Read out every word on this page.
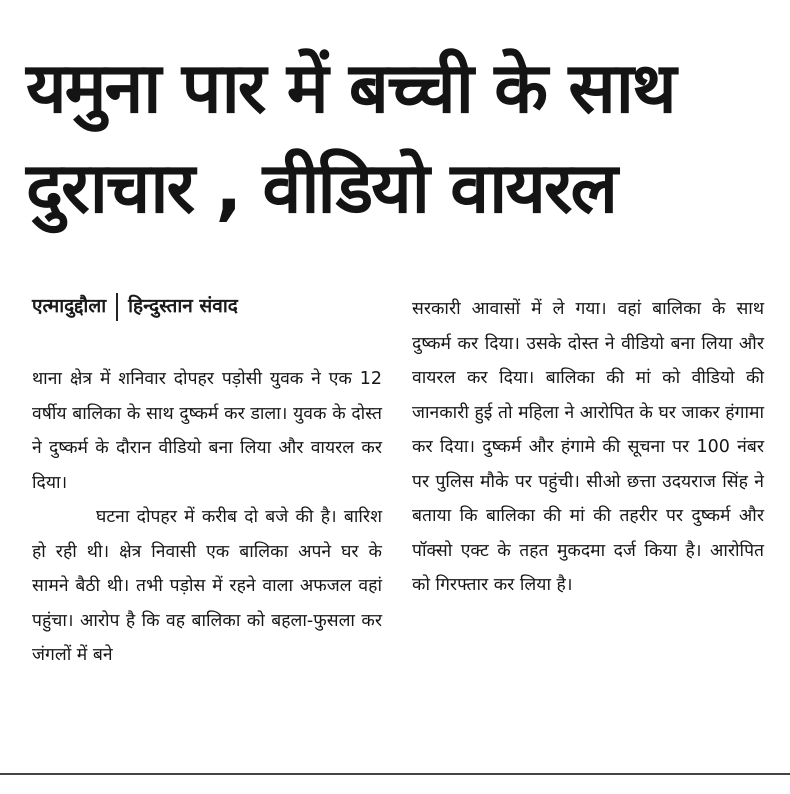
यमुना पार में बच्ची के साथ
दुराचार , वीडियो वायरल
एत्मादुद्दौला हिन्दुस्तान संवाद

थाना क्षेत्र में शनिवार दोपहर पड़ोसी युवक ने एक 12 वर्षीय बालिका के साथ दुष्कर्म कर डाला। युवक के दोस्त ने दुष्कर्म के दौरान वीडियो बना लिया और वायरल कर दिया।

घटना दोपहर में करीब दो बजे की है। बारिश हो रही थी। क्षेत्र निवासी एक बालिका अपने घर के सामने बैठी थी। तभी पड़ोस में रहने वाला अफजल वहां पहुंचा। आरोप है कि वह बालिका को बहला-फुसला कर जंगलों में बने

सरकारी आवासों में ले गया। वहां बालिका के साथ दुष्कर्म कर दिया। उसके दोस्त ने वीडियो बना लिया और वायरल कर दिया। बालिका की मां को वीडियो की जानकारी हुई तो महिला ने आरोपित के घर जाकर हंगामा कर दिया। दुष्कर्म और हंगामे की सूचना पर 100 नंबर पर पुलिस मौके पर पहुंची। सीओ छत्ता उदयराज सिंह ने बताया कि बालिका की मां की तहरीर पर दुष्कर्म और पॉक्सो एक्ट के तहत मुकदमा दर्ज किया है। आरोपित को गिरफ्तार कर लिया है।
